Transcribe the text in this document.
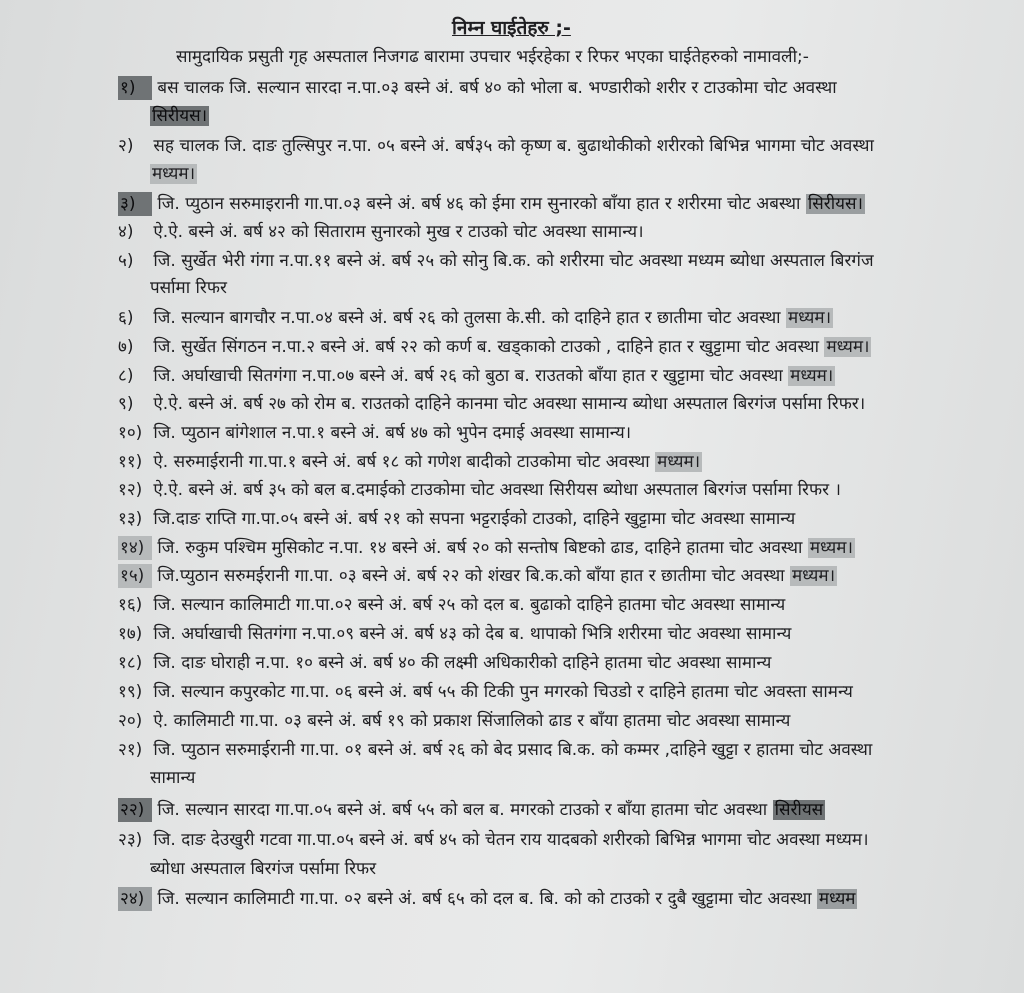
निम्न घाईतेहरु ;-
सामुदायिक प्रसुती गृह अस्पताल निजगढ बारामा उपचार भईरहेका र रिफर भएका घाईतेहरुको नामावली;-
१) बस चालक जि. सल्यान सारदा न.पा.०३ बस्ने अं. बर्ष ४० को भोला ब. भण्डारीको शरीर र टाउकोमा चोट अवस्था
सिरीयस।
२) सह चालक जि. दाङ तुल्सिपुर न.पा. ०५ बस्ने अं. बर्ष३५ को कृष्ण ब. बुढाथोकीको शरीरको बिभिन्न भागमा चोट अवस्था
मध्यम।
३) जि. प्युठान सरुमाइरानी गा.पा.०३ बस्ने अं. बर्ष ४६ को ईमा राम सुनारको बाँया हात र शरीरमा चोट अबस्था सिरीयस।
४) ऐ.ऐ. बस्ने अं. बर्ष ४२ को सिताराम सुनारको मुख र टाउको चोट अवस्था सामान्य।
५) जि. सुर्खेत भेरी गंगा न.पा.११ बस्ने अं. बर्ष २५ को सोनु बि.क. को शरीरमा चोट अवस्था मध्यम ब्योधा अस्पताल बिरगंज
पर्सामा रिफर
६) जि. सल्यान बागचौर न.पा.०४ बस्ने अं. बर्ष २६ को तुलसा के.सी. को दाहिने हात र छातीमा चोट अवस्था मध्यम।
७) जि. सुर्खेत सिंगठन न.पा.२ बस्ने अं. बर्ष २२ को कर्ण ब. खड्काको टाउको , दाहिने हात र खुट्टामा चोट अवस्था मध्यम।
८) जि. अर्घाखाची सितगंगा न.पा.०७ बस्ने अं. बर्ष २६ को बुठा ब. राउतको बाँया हात र खुट्टामा चोट अवस्था मध्यम।
९) ऐ.ऐ. बस्ने अं. बर्ष २७ को रोम ब. राउतको दाहिने कानमा चोट अवस्था सामान्य ब्योधा अस्पताल बिरगंज पर्सामा रिफर।
१०) जि. प्युठान बांगेशाल न.पा.१ बस्ने अं. बर्ष ४७ को भुपेन दमाई अवस्था सामान्य।
११) ऐ. सरुमाईरानी गा.पा.१ बस्ने अं. बर्ष १८ को गणेश बादीको टाउकोमा चोट अवस्था मध्यम।
१२) ऐ.ऐ. बस्ने अं. बर्ष ३५ को बल ब.दमाईको टाउकोमा चोट अवस्था सिरीयस ब्योधा अस्पताल बिरगंज पर्सामा रिफर ।
१३) जि.दाङ राप्ति गा.पा.०५ बस्ने अं. बर्ष २१ को सपना भट्टराईको टाउको, दाहिने खुट्टामा चोट अवस्था सामान्य
१४) जि. रुकुम पश्चिम मुसिकोट न.पा. १४ बस्ने अं. बर्ष २० को सन्तोष बिष्टको ढाड, दाहिने हातमा चोट अवस्था मध्यम।
१५) जि.प्युठान सरुमईरानी गा.पा. ०३ बस्ने अं. बर्ष २२ को शंखर बि.क.को बाँया हात र छातीमा चोट अवस्था मध्यम।
१६) जि. सल्यान कालिमाटी गा.पा.०२ बस्ने अं. बर्ष २५ को दल ब. बुढाको दाहिने हातमा चोट अवस्था सामान्य
१७) जि. अर्घाखाची सितगंगा न.पा.०९ बस्ने अं. बर्ष ४३ को देब ब. थापाको भित्रि शरीरमा चोट अवस्था सामान्य
१८) जि. दाङ घोराही न.पा. १० बस्ने अं. बर्ष ४० की लक्ष्मी अधिकारीको दाहिने हातमा चोट अवस्था सामान्य
१९) जि. सल्यान कपुरकोट गा.पा. ०६ बस्ने अं. बर्ष ५५ की टिकी पुन मगरको चिउडो र दाहिने हातमा चोट अवस्ता सामन्य
२०) ऐ. कालिमाटी गा.पा. ०३ बस्ने अं. बर्ष १९ को प्रकाश सिंजालिको ढाड र बाँया हातमा चोट अवस्था सामान्य
२१) जि. प्युठान सरुमाईरानी गा.पा. ०१ बस्ने अं. बर्ष २६ को बेद प्रसाद बि.क. को कम्मर ,दाहिने खुट्टा र हातमा चोट अवस्था
सामान्य
२२) जि. सल्यान सारदा गा.पा.०५ बस्ने अं. बर्ष ५५ को बल ब. मगरको टाउको र बाँया हातमा चोट अवस्था सिरीयस
२३) जि. दाङ देउखुरी गटवा गा.पा.०५ बस्ने अं. बर्ष ४५ को चेतन राय यादबको शरीरको बिभिन्न भागमा चोट अवस्था मध्यम।
ब्योधा अस्पताल बिरगंज पर्सामा रिफर
२४) जि. सल्यान कालिमाटी गा.पा. ०२ बस्ने अं. बर्ष ६५ को दल ब. बि. को को टाउको र दुबै खुट्टामा चोट अवस्था मध्यम
